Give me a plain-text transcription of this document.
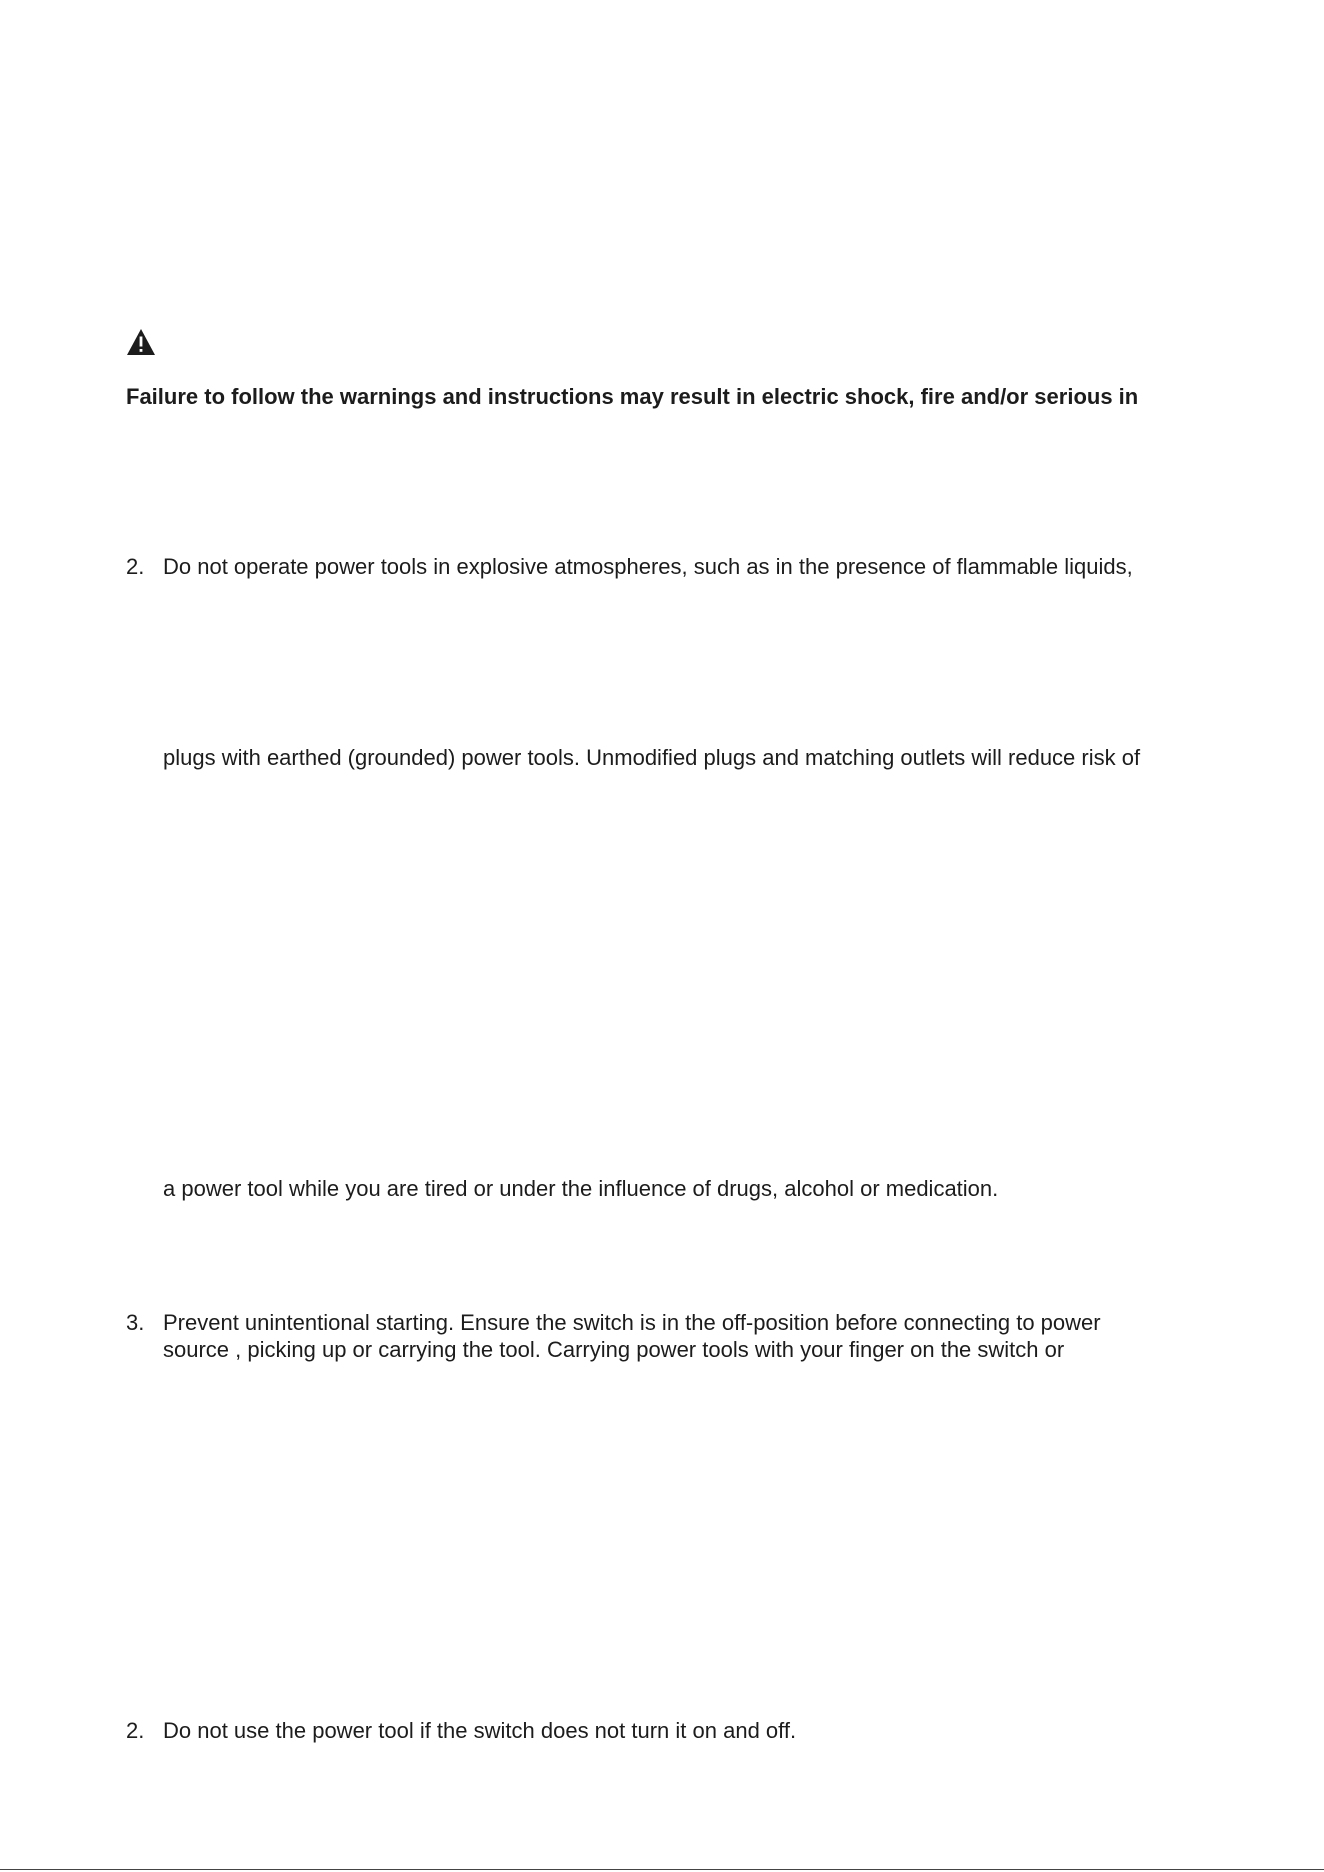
Failure to follow the warnings and instructions may result in electric shock, fire and/or serious in
2. Do not operate power tools in explosive atmospheres, such as in the presence of flammable liquids,
plugs with earthed (grounded) power tools. Unmodified plugs and matching outlets will reduce risk of
a power tool while you are tired or under the influence of drugs, alcohol or medication.
3. Prevent unintentional starting. Ensure the switch is in the off-position before connecting to power
source , picking up or carrying the tool. Carrying power tools with your finger on the switch or
2. Do not use the power tool if the switch does not turn it on and off.
